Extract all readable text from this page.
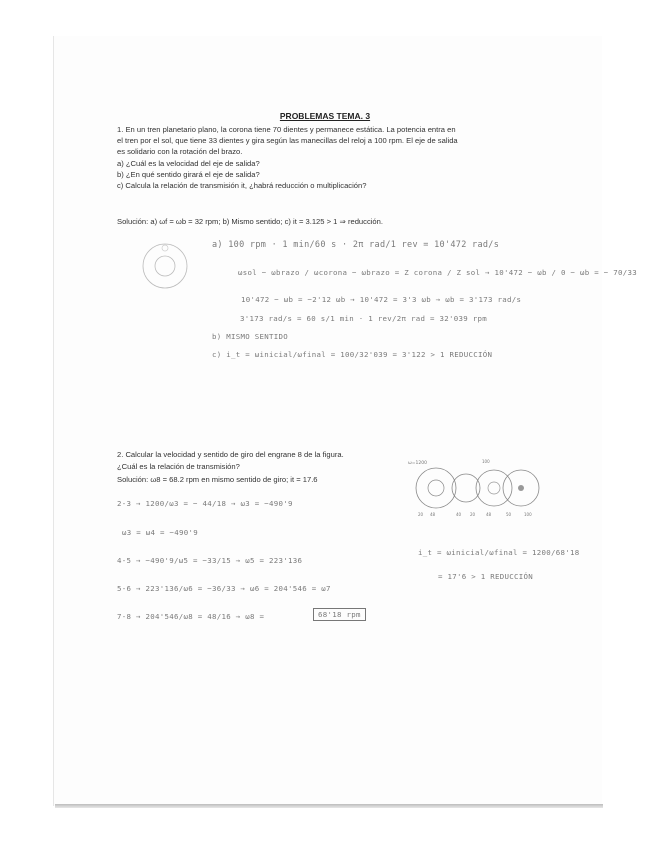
PROBLEMAS TEMA. 3
1. En un tren planetario plano, la corona tiene 70 dientes y permanece estática. La potencia entra en
el tren por el sol, que tiene 33 dientes y gira según las manecillas del reloj a 100 rpm. El eje de salida
es solidario con la rotación del brazo.
a) ¿Cuál es la velocidad del eje de salida?
b) ¿En qué sentido girará el eje de salida?
c) Calcula la relación de transmisión it, ¿habrá reducción o multiplicación?
Solución: a) ωf = ωb = 32 rpm; b) Mismo sentido; c) it = 3.125 > 1 ⇒ reducción.
a) 100 rpm · 1 min/60 s · 2π rad/1 rev = 10'472 rad/s
ωsol − ωbrazo / ωcorona − ωbrazo = Z corona / Z sol → 10'472 − ωb / 0 − ωb = − 70/33
10'472 − ωb = −2'12 ωb → 10'472 = 3'3 ωb → ωb = 3'173 rad/s
3'173 rad/s = 60 s/1 min · 1 rev/2π rad = 32'039 rpm
b) MISMO SENTIDO
c) i_t = ωinicial/ωfinal = 100/32'039 = 3'122 > 1 REDUCCIÓN
2. Calcular la velocidad y sentido de giro del engrane 8 de la figura.
¿Cuál es la relación de transmisión?
Solución: ω8 = 68.2 rpm en mismo sentido de giro; it = 17.6
ω=1200	100
20 48	40 20	48	50	100
2-3 → 1200/ω3 = − 44/18 → ω3 = −490'9
ω3 = ω4 = −490'9
4-5 → −490'9/ω5 = −33/15 → ω5 = 223'136
5-6 → 223'136/ω6 = −36/33 → ω6 = 204'546 = ω7
7-8 → 204'546/ω8 = 48/16 → ω8 =	68'18 rpm
i_t = ωinicial/ωfinal = 1200/68'18
= 17'6 > 1 REDUCCIÓN
